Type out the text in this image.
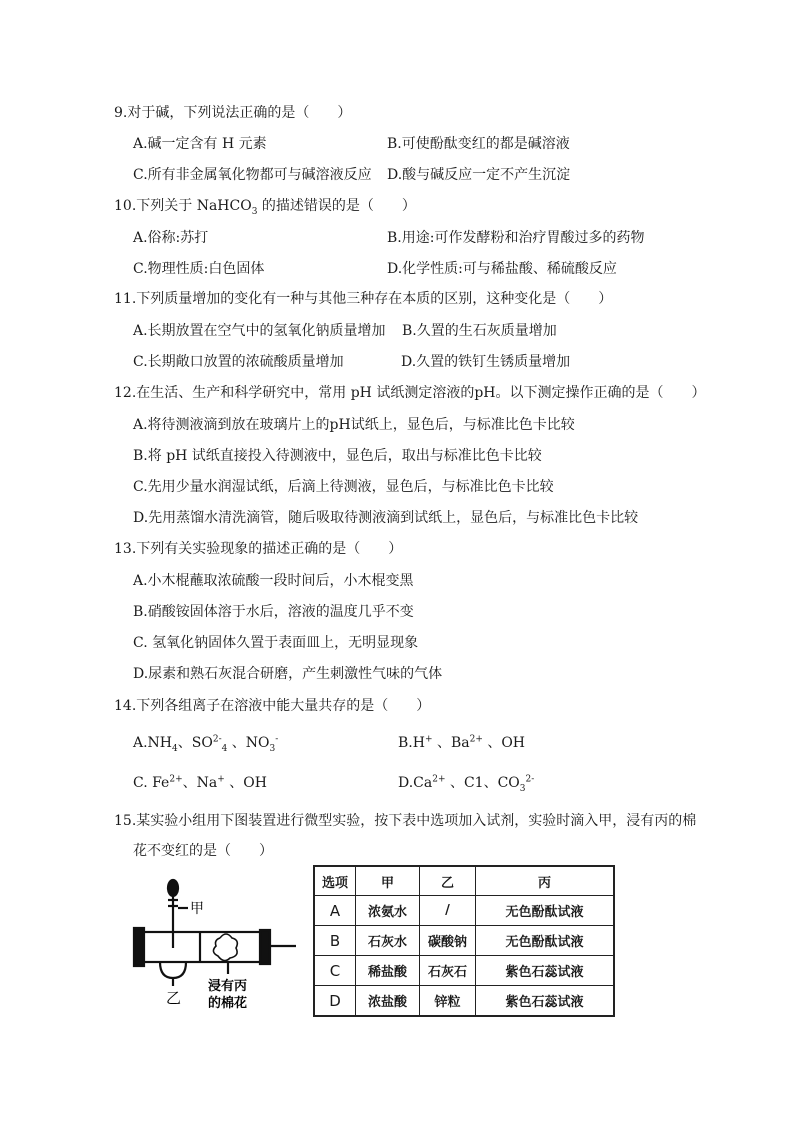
9.对于碱，下列说法正确的是（　　）
A.碱一定含有 H 元素	B.可使酚酞变红的都是碱溶液
C.所有非金属氧化物都可与碱溶液反应 D.酸与碱反应一定不产生沉淀
10.下列关于 NaHCO$_3$ 的描述错误的是（　　）
A.俗称:苏打	B.用途:可作发酵粉和治疗胃酸过多的药物
C.物理性质:白色固体	D.化学性质:可与稀盐酸、稀硫酸反应
11.下列质量增加的变化有一种与其他三种存在本质的区别，这种变化是（　　）
A.长期放置在空气中的氢氧化钠质量增加 B.久置的生石灰质量增加
C.长期敞口放置的浓硫酸质量增加	D.久置的铁钉生锈质量增加
12.在生活、生产和科学研究中，常用 pH 试纸测定溶液的pH。以下测定操作正确的是（　　）
A.将待测液滴到放在玻璃片上的pH试纸上，显色后，与标准比色卡比较
B.将 pH 试纸直接投入待测液中，显色后，取出与标准比色卡比较
C.先用少量水润湿试纸，后滴上待测液，显色后，与标准比色卡比较
D.先用蒸馏水清洗滴管，随后吸取待测液滴到试纸上，显色后，与标准比色卡比较
13.下列有关实验现象的描述正确的是（　　）
A.小木棍蘸取浓硫酸一段时间后，小木棍变黑
B.硝酸铵固体溶于水后，溶液的温度几乎不变
C. 氢氧化钠固体久置于表面皿上，无明显现象
D.尿素和熟石灰混合研磨，产生刺激性气味的气体
14.下列各组离子在溶液中能大量共存的是（　　）
$A.NH_4$、$SO^{2-}_4$ 、$NO_3^-$	B.H+ 、$Ba^{2+}$ 、OH
C. $Fe^{2+}$、Na+ 、OH	$D.Ca^{2+}$ 、C1、$CO_3^{2-}$
15.某实验小组用下图装置进行微型实验，按下表中选项加入试剂，实验时滴入甲，浸有丙的棉
花不变红的是（　　）
甲
乙
浸有丙
的棉花
选项	甲	乙	丙
A	浓氨水	/	无色酚酞试液
B	石灰水	碳酸钠	无色酚酞试液
C	稀盐酸	石灰石	紫色石蕊试液
D	浓盐酸	锌粒	紫色石蕊试液
